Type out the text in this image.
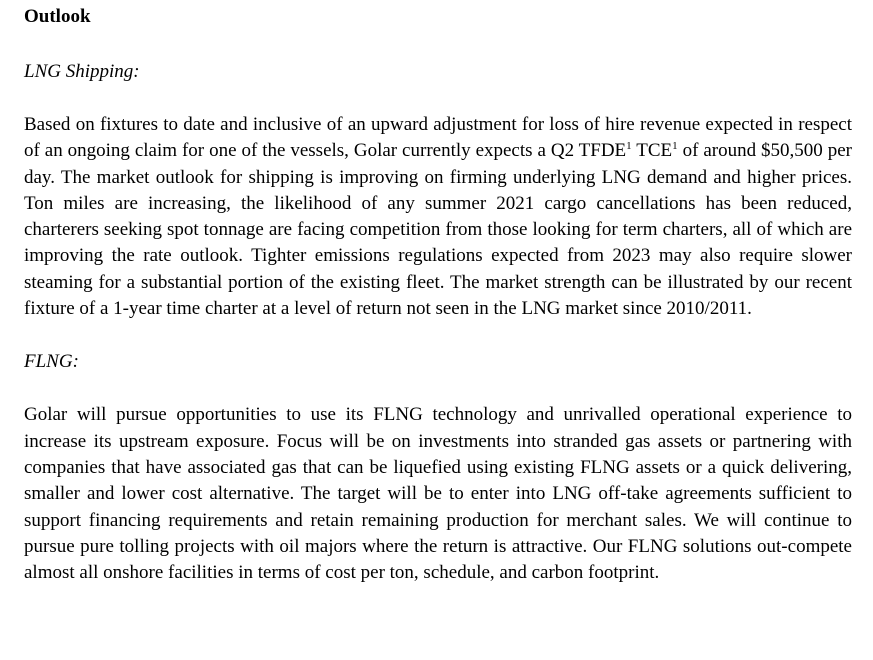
Outlook
LNG Shipping:

Based on fixtures to date and inclusive of an upward adjustment for loss of hire revenue expected in respect of an ongoing claim for one of the vessels, Golar currently expects a Q2 TFDE$^1$ TCE$^1$ of around $50,500 per day. The market outlook for shipping is improving on firming underlying LNG demand and higher prices. Ton miles are increasing, the likelihood of any summer 2021 cargo cancellations has been reduced, charterers seeking spot tonnage are facing competition from those looking for term charters, all of which are improving the rate outlook. Tighter emissions regulations expected from 2023 may also require slower steaming for a substantial portion of the existing fleet. The market strength can be illustrated by our recent fixture of a 1-year time charter at a level of return not seen in the LNG market since 2010/2011.

FLNG:

Golar will pursue opportunities to use its FLNG technology and unrivalled operational experience to increase its upstream exposure. Focus will be on investments into stranded gas assets or partnering with companies that have associated gas that can be liquefied using existing FLNG assets or a quick delivering, smaller and lower cost alternative. The target will be to enter into LNG off-take agreements sufficient to support financing requirements and retain remaining production for merchant sales. We will continue to pursue pure tolling projects with oil majors where the return is attractive. Our FLNG solutions out-compete almost all onshore facilities in terms of cost per ton, schedule, and carbon footprint.
